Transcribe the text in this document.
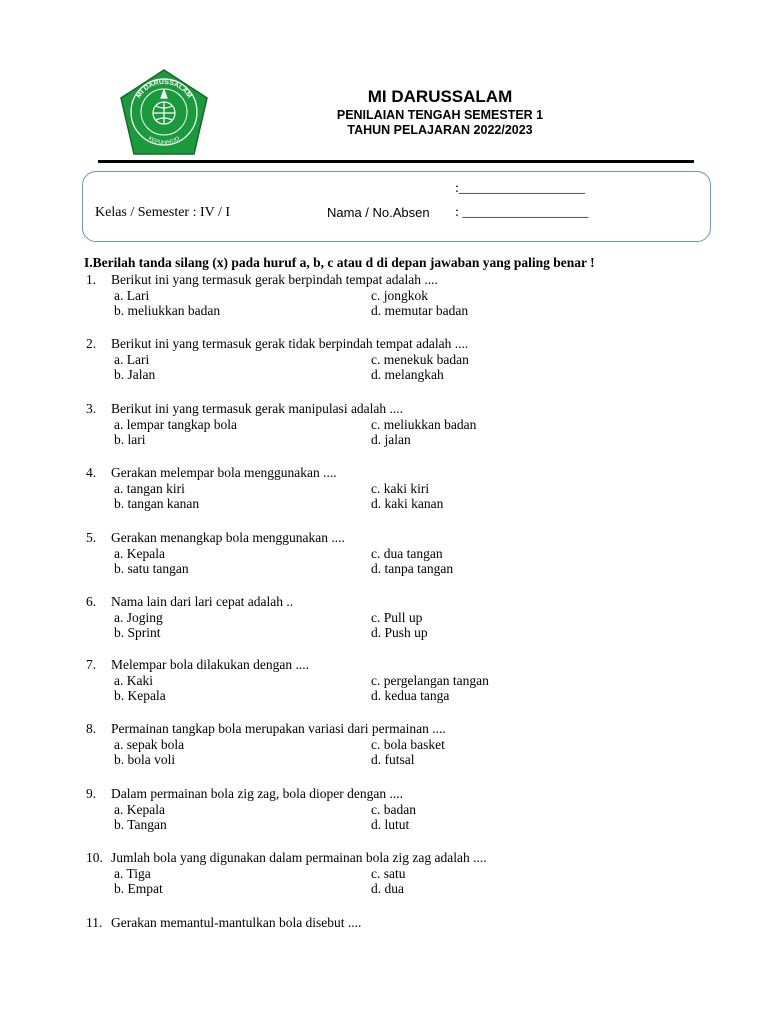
MI DARUSSALAM
KEPUHARJO
MI DARUSSALAM
PENILAIAN TENGAH SEMESTER 1
TAHUN PELAJARAN 2022/2023
:__________________
Kelas / Semester : IV / I	Nama / No.Absen : __________________
I.Berilah tanda silang (x) pada huruf a, b, c atau d di depan jawaban yang paling benar !
1.	Berikut ini yang termasuk gerak berpindah tempat adalah ....
a. Lari	c. jongkok
b. meliukkan badan	d. memutar badan
2.	Berikut ini yang termasuk gerak tidak berpindah tempat adalah ....
a. Lari	c. menekuk badan
b. Jalan	d. melangkah
3.	Berikut ini yang termasuk gerak manipulasi adalah ....
a. lempar tangkap bola	c. meliukkan badan
b. lari	d. jalan
4.	Gerakan melempar bola menggunakan ....
a. tangan kiri	c. kaki kiri
b. tangan kanan	d. kaki kanan
5.	Gerakan menangkap bola menggunakan ....
a. Kepala	c. dua tangan
b. satu tangan	d. tanpa tangan
6.	Nama lain dari lari cepat adalah ..
a. Joging	c. Pull up
b. Sprint	d. Push up
7.	Melempar bola dilakukan dengan ....
a. Kaki	c. pergelangan tangan
b. Kepala	d. kedua tanga
8.	Permainan tangkap bola merupakan variasi dari permainan ....
a. sepak bola	c. bola basket
b. bola voli	d. futsal
9.	Dalam permainan bola zig zag, bola dioper dengan ....
a. Kepala	c. badan
b. Tangan	d. lutut
10. Jumlah bola yang digunakan dalam permainan bola zig zag adalah ....
a. Tiga	c. satu
b. Empat	d. dua
11. Gerakan memantul-mantulkan bola disebut ....
